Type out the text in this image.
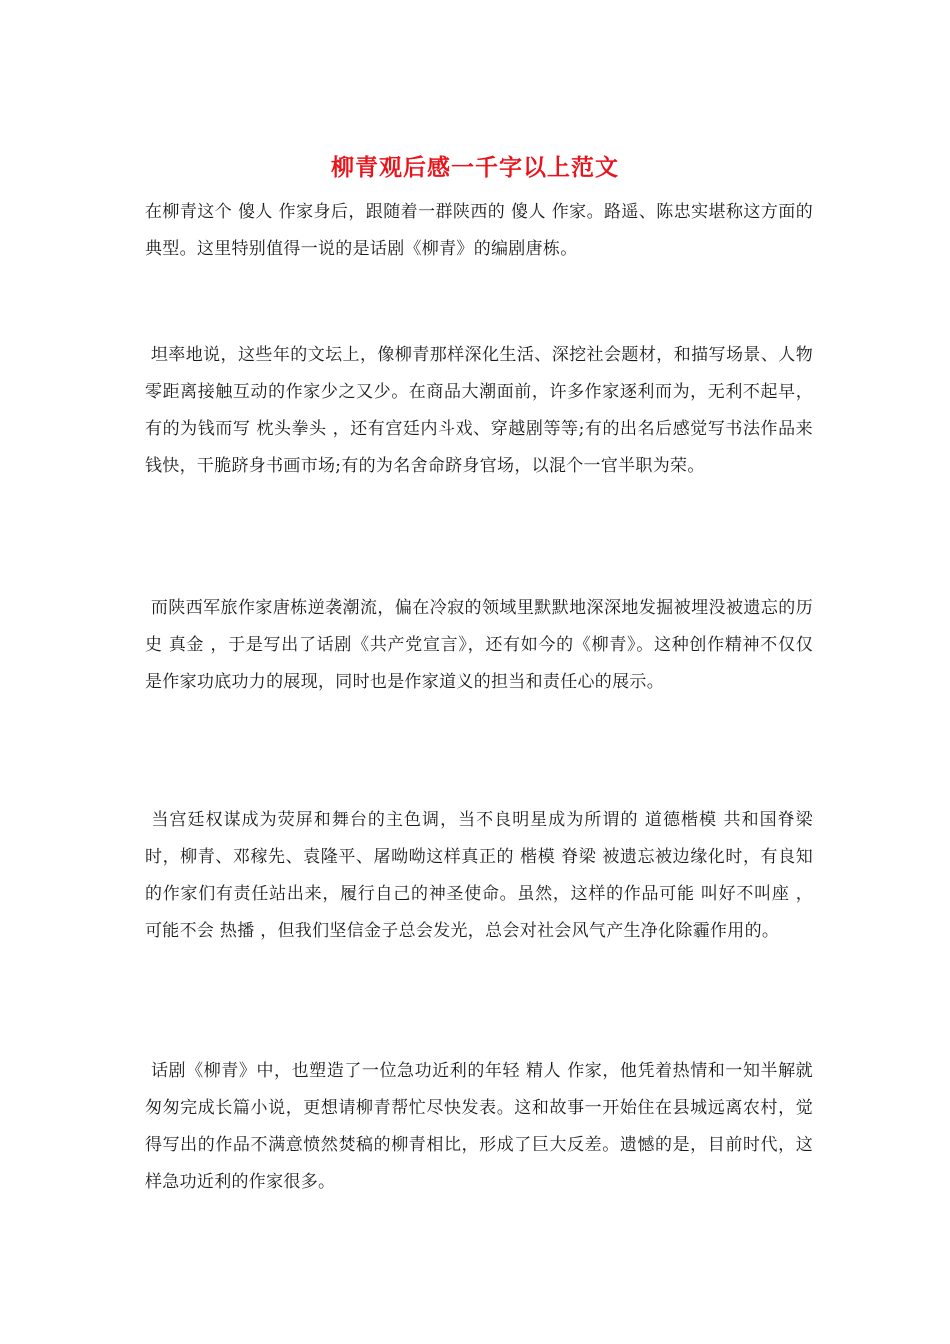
柳青观后感一千字以上范文
在柳青这个 傻人 作家身后，跟随着一群陕西的 傻人 作家。路遥、陈忠实堪称这方面的典型。这里特别值得一说的是话剧《柳青》的编剧唐栋。
坦率地说，这些年的文坛上，像柳青那样深化生活、深挖社会题材，和描写场景、人物零距离接触互动的作家少之又少。在商品大潮面前，许多作家逐利而为，无利不起早，有的为钱而写 枕头拳头 ，还有宫廷内斗戏、穿越剧等等;有的出名后感觉写书法作品来钱快，干脆跻身书画市场;有的为名舍命跻身官场，以混个一官半职为荣。
而陕西军旅作家唐栋逆袭潮流，偏在冷寂的领域里默默地深深地发掘被埋没被遗忘的历史 真金 ，于是写出了话剧《共产党宣言》，还有如今的《柳青》。这种创作精神不仅仅是作家功底功力的展现，同时也是作家道义的担当和责任心的展示。
当宫廷权谋成为荧屏和舞台的主色调，当不良明星成为所谓的 道德楷模 共和国脊梁 时，柳青、邓稼先、袁隆平、屠呦呦这样真正的 楷模 脊梁 被遗忘被边缘化时，有良知的作家们有责任站出来，履行自己的神圣使命。虽然，这样的作品可能 叫好不叫座 ，可能不会 热播 ，但我们坚信金子总会发光，总会对社会风气产生净化除霾作用的。
话剧《柳青》中，也塑造了一位急功近利的年轻 精人 作家，他凭着热情和一知半解就匆匆完成长篇小说，更想请柳青帮忙尽快发表。这和故事一开始住在县城远离农村，觉得写出的作品不满意愤然焚稿的柳青相比，形成了巨大反差。遗憾的是，目前时代，这样急功近利的作家很多。
